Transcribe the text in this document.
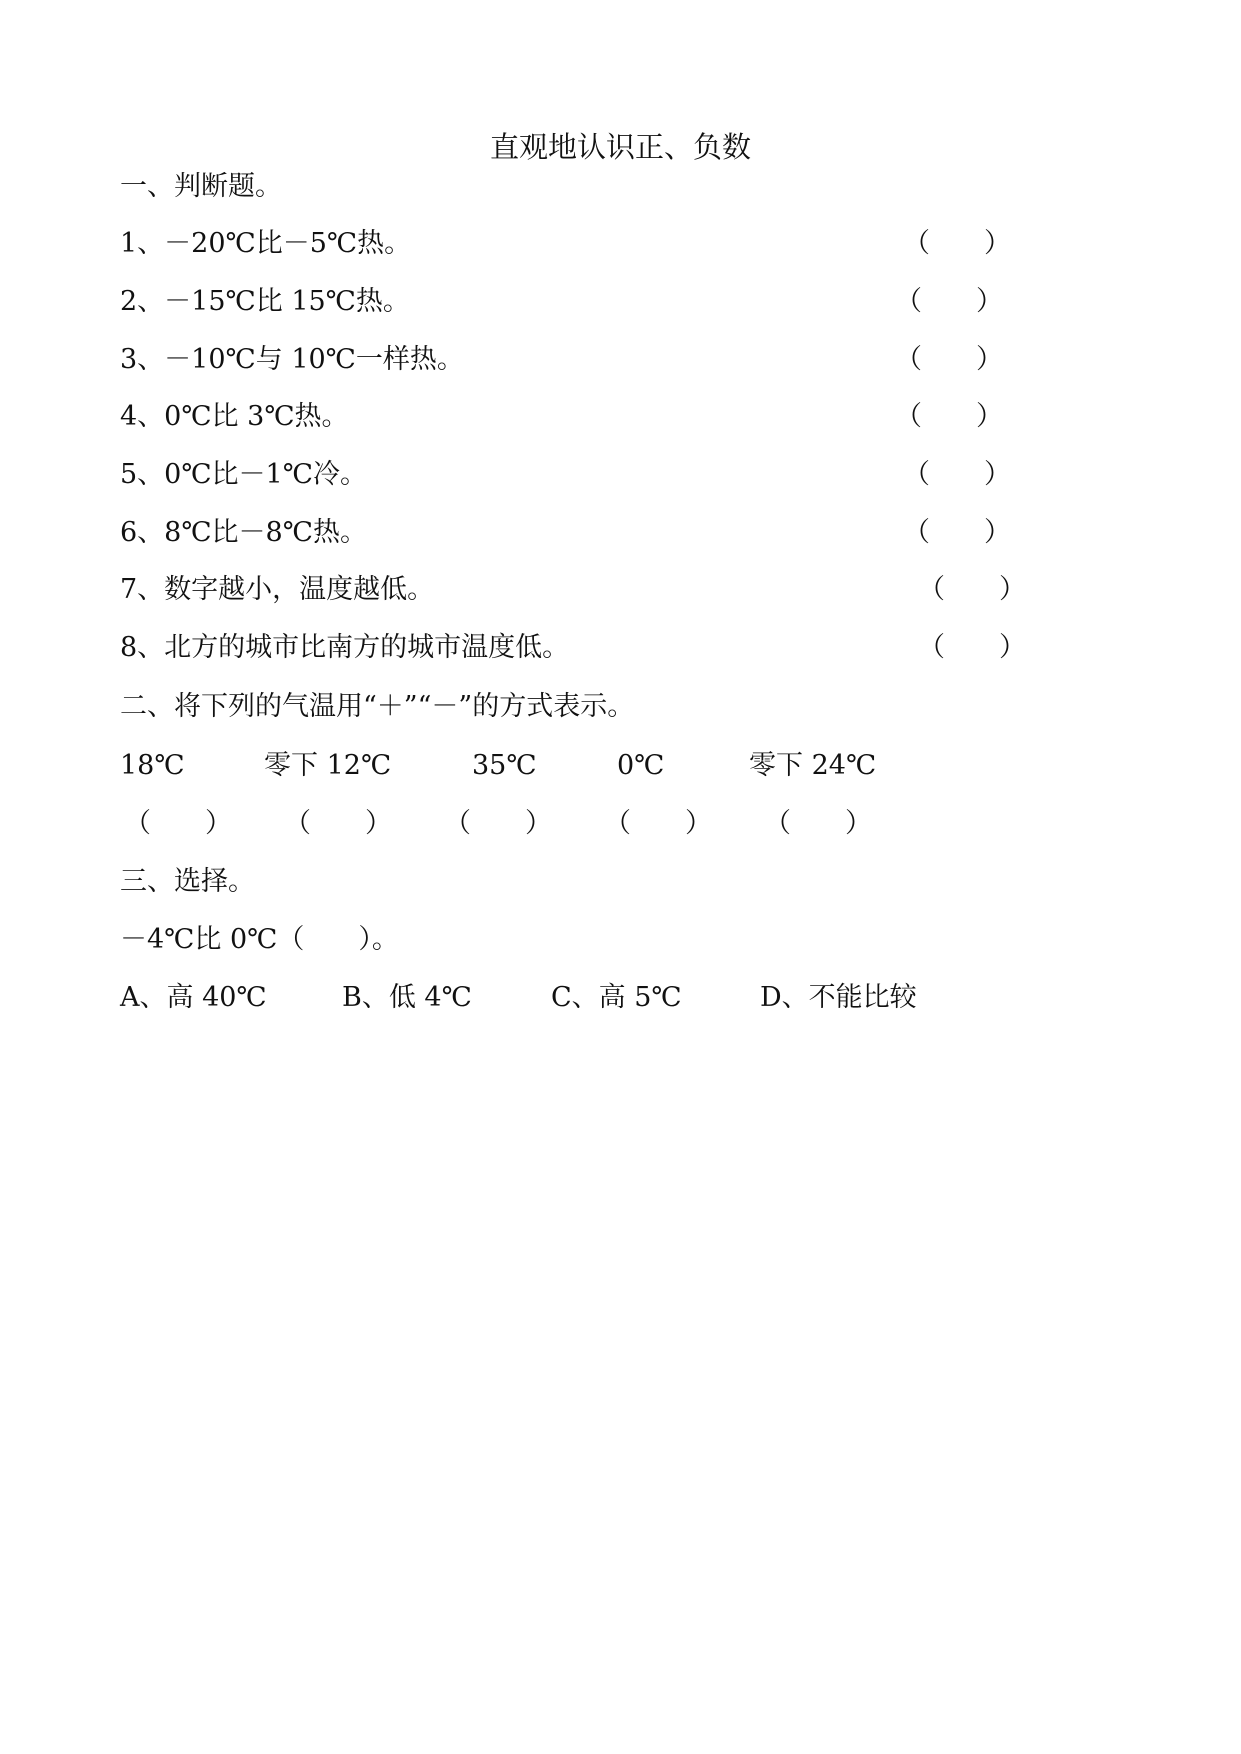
直观地认识正、负数
一、判断题。
1、－20℃比－5℃热。	（　　）
2、－15℃比 15℃热。	（　　）
3、－10℃与 10℃一样热。	（　　）
4、0℃比 3℃热。	（　　）
5、0℃比－1℃冷。	（　　）
6、8℃比－8℃热。	（　　）
7、数字越小，温度越低。	（　　）
8、北方的城市比南方的城市温度低。	（　　）
二、将下列的气温用“＋”“－”的方式表示。
18℃	零下 12℃	35℃	0℃	零下 24℃
（　　） （　　） （　　） （　　） （　　）
三、选择。
－4℃比 0℃（　　）。
A、高 40℃	B、低 4℃	C、高 5℃	D、不能比较
